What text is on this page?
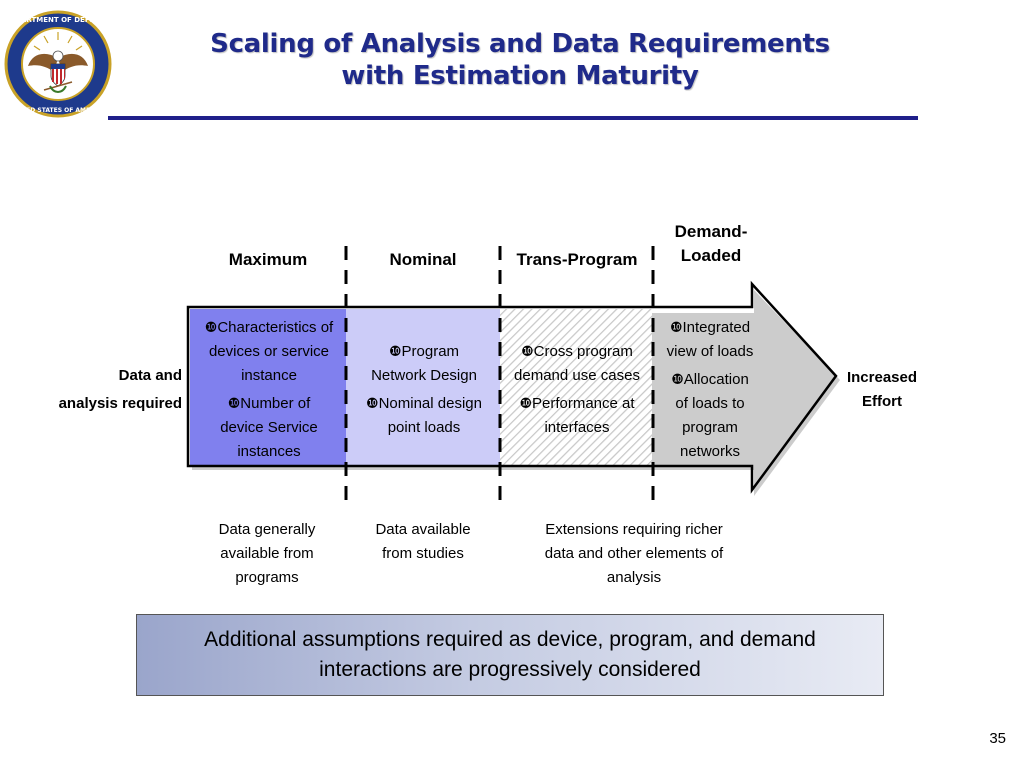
DEPARTMENT OF DEFENSE
UNITED STATES OF AMERICA
Scaling of Analysis and Data Requirements
with Estimation Maturity
Maximum	Nominal	Trans-Program
Demand-
Loaded
❿Characteristics of
devices or service
instance
❿Number of
device Service
instances
❿Program
Network Design
❿Nominal design
point loads
❿Cross program
demand use cases
❿Performance at
interfaces
❿Integrated
view of loads
❿Allocation
of loads to
program
networks
Data and
analysis required
Increased
Effort
Data generally
available from
programs
Data available
from studies
Extensions requiring richer
data and other elements of
analysis
Additional assumptions required as device, program, and demand interactions are progressively considered
35
